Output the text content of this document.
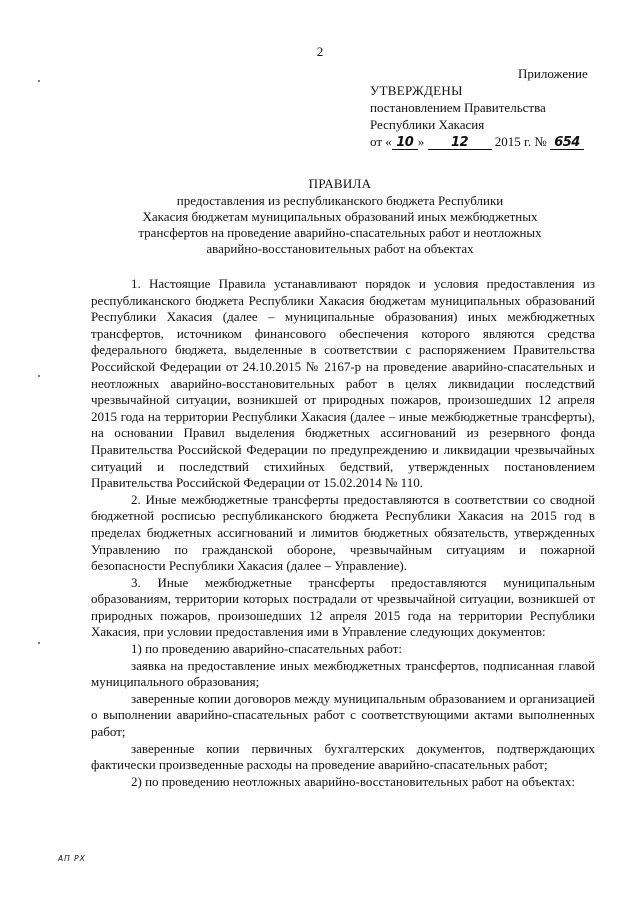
2
Приложение
УТВЕРЖДЕНЫ
постановлением Правительства
Республики Хакасия
от « 10 » 12 2015 г. № 654
ПРАВИЛА
предоставления из республиканского бюджета Республики
Хакасия бюджетам муниципальных образований иных межбюджетных
трансфертов на проведение аварийно-спасательных работ и неотложных
аварийно-восстановительных работ на объектах

1. Настоящие Правила устанавливают порядок и условия предоставления из республиканского бюджета Республики Хакасия бюджетам муниципальных образований Республики Хакасия (далее – муниципальные образования) иных межбюджетных трансфертов, источником финансового обеспечения которого являются средства федерального бюджета, выделенные в соответствии с распоряжением Правительства Российской Федерации от 24.10.2015 № 2167-р на проведение аварийно-спасательных и неотложных аварийно-восстановительных работ в целях ликвидации последствий чрезвычайной ситуации, возникшей от природных пожаров, произошедших 12 апреля 2015 года на территории Республики Хакасия (далее – иные межбюджетные трансферты), на основании Правил выделения бюджетных ассигнований из резервного фонда Правительства Российской Федерации по предупреждению и ликвидации чрезвычайных ситуаций и последствий стихийных бедствий, утвержденных постановлением Правительства Российской Федерации от 15.02.2014 № 110.

2. Иные межбюджетные трансферты предоставляются в соответствии со сводной бюджетной росписью республиканского бюджета Республики Хакасия на 2015 год в пределах бюджетных ассигнований и лимитов бюджетных обязательств, утвержденных Управлению по гражданской обороне, чрезвычайным ситуациям и пожарной безопасности Республики Хакасия (далее – Управление).

3. Иные межбюджетные трансферты предоставляются муниципальным образованиям, территории которых пострадали от чрезвычайной ситуации, возникшей от природных пожаров, произошедших 12 апреля 2015 года на территории Республики Хакасия, при условии предоставления ими в Управление следующих документов:

1) по проведению аварийно-спасательных работ:

заявка на предоставление иных межбюджетных трансфертов, подписанная главой муниципального образования;

заверенные копии договоров между муниципальным образованием и организацией о выполнении аварийно-спасательных работ с соответствующими актами выполненных работ;

заверенные копии первичных бухгалтерских документов, подтверждающих фактически произведенные расходы на проведение аварийно-спасательных работ;

2) по проведению неотложных аварийно-восстановительных работ на объектах:

АП РХ
